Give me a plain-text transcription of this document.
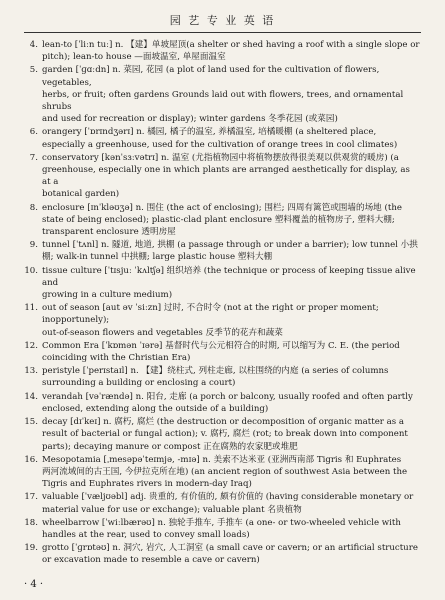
园 艺 专 业 英 语
4. lean-to [ˈliːn tuː] n. 【建】单坡屋顶(a shelter or shed having a roof with a single slope or

pitch); lean-to house —面坡温室, 单屋面温室

5. garden [ˈɡɑːdn] n. 菜园, 花园 (a plot of land used for the cultivation of flowers, vegetables,

herbs, or fruit; often gardens Grounds laid out with flowers, trees, and ornamental shrubs

and used for recreation or display); winter gardens 冬季花园 (或菜园)

6. orangery [ˈɒrɪndʒərɪ] n. 橘园, 橘子的温室, 养橘温室, 培橘暖棚 (a sheltered place,

especially a greenhouse, used for the cultivation of orange trees in cool climates)

7. conservatory [kənˈsɜːvətrɪ] n. 温室 (尤指植物园中将植物摆放得很美观以供观赏的暖房) (a

greenhouse, especially one in which plants are arranged aesthetically for display, as at a

botanical garden)

8. enclosure [ɪnˈkləʊʒə] n. 围住 (the act of enclosing); 围栏; 四周有篱笆或围墙的场地 (the

state of being enclosed); plastic-clad plant enclosure 塑料覆盖的植物房子, 塑料大棚;

transparent enclosure 透明房屋

9. tunnel [ˈtʌnl] n. 隧道, 地道, 拱棚 (a passage through or under a barrier); low tunnel 小拱

棚; walk-in tunnel 中拱棚; large plastic house 塑料大棚

10. tissue culture [ˈtɪsjuː ˈkʌltʃə] 组织培养 (the technique or process of keeping tissue alive and

growing in a culture medium)

11. out of season [aut əv ˈsiːzn] 过时, 不合时令 (not at the right or proper moment; inopportunely);

out-of-season flowers and vegetables 反季节的花卉和蔬菜

12. Common Era [ˈkɒmən ˈɪərə] 基督时代与公元相符合的时期, 可以缩写为 C. E. (the period

coinciding with the Christian Era)

13. peristyle [ˈperɪstaɪl] n. 【建】绕柱式, 列柱走廊, 以柱围绕的内庭 (a series of columns

surrounding a building or enclosing a court)

14. verandah [vəˈrændə] n. 阳台, 走廊 (a porch or balcony, usually roofed and often partly

enclosed, extending along the outside of a building)

15. decay [dɪˈkeɪ] n. 腐朽, 腐烂 (the destruction or decomposition of organic matter as a

result of bacterial or fungal action); v. 腐朽, 腐烂 (rot; to break down into component

parts); decaying manure or compost 正在腐熟的农家肥或堆肥

16. Mesopotamia [ˌmesəpəˈteɪmjə, -mɪə] n. 美索不达米亚 (亚洲西南部 Tigris 和 Euphrates

两河流域间的古王国, 今伊拉克所在地) (an ancient region of southwest Asia between the

Tigris and Euphrates rivers in modern-day Iraq)

17. valuable [ˈvæljʊəbl] adj. 贵重的, 有价值的, 颇有价值的 (having considerable monetary or

material value for use or exchange); valuable plant 名贵植物

18. wheelbarrow [ˈwiːlbærəʊ] n. 独轮手推车, 手推车 (a one- or two-wheeled vehicle with

handles at the rear, used to convey small loads)

19. grotto [ˈɡrɒtəʊ] n. 洞穴, 岩穴, 人工洞室 (a small cave or cavern; or an artificial structure

or excavation made to resemble a cave or cavern)

· 4 ·
